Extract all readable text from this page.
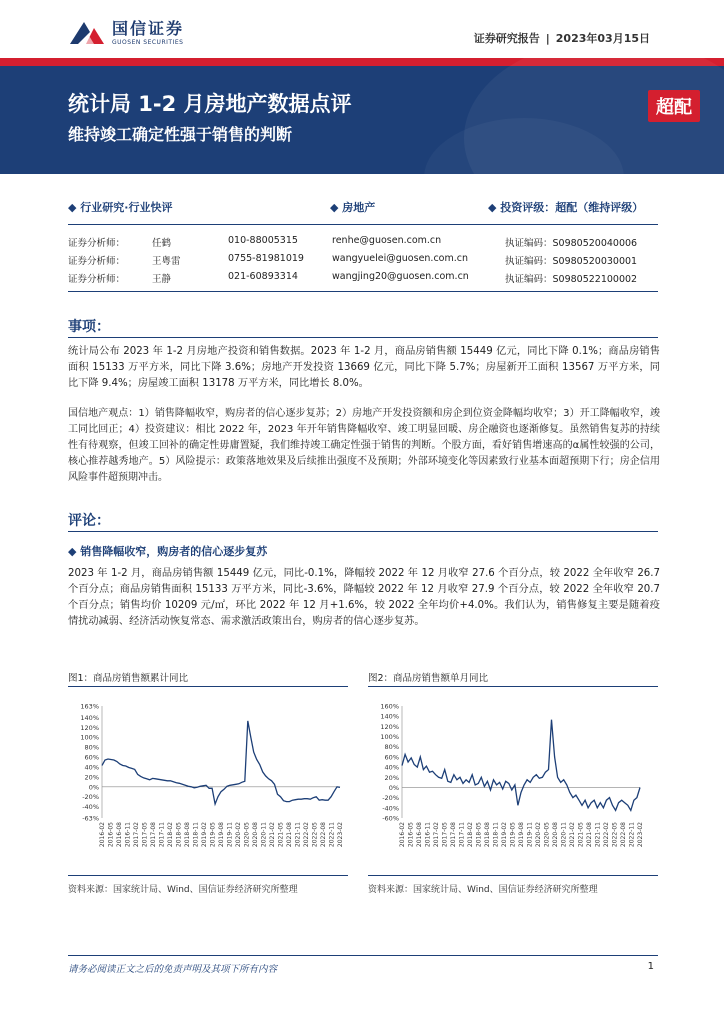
国信证券
GUOSEN SECURITIES	证券研究报告 | 2023年03月15日
统计局 1-2 月房地产数据点评
维持竣工确定性强于销售的判断
超配
◆ 行业研究·行业快评	◆ 房地产	◆ 投资评级：超配（维持评级）
证券分析师：	任鹤	010-88005315	renhe@guosen.com.cn	执证编码：S0980520040006
证券分析师：	王粤雷	0755-81981019	wangyuelei@guosen.com.cn	执证编码：S0980520030001
证券分析师：	王静	021-60893314	wangjing20@guosen.com.cn	执证编码：S0980522100002
事项：
统计局公布 2023 年 1-2 月房地产投资和销售数据。2023 年 1-2 月，商品房销售额 15449 亿元，同比下降 0.1%；商品房销售面积 15133 万平方米，同比下降 3.6%；房地产开发投资 13669 亿元，同比下降 5.7%；房屋新开工面积 13567 万平方米，同比下降 9.4%；房屋竣工面积 13178 万平方米，同比增长 8.0%。
国信地产观点：1）销售降幅收窄，购房者的信心逐步复苏；2）房地产开发投资额和房企到位资金降幅均收窄；3）开工降幅收窄，竣工同比回正；4）投资建议：相比 2022 年，2023 年开年销售降幅收窄、竣工明显回暖、房企融资也逐渐修复。虽然销售复苏的持续性有待观察，但竣工回补的确定性毋庸置疑，我们维持竣工确定性强于销售的判断。个股方面，看好销售增速高的α属性较强的公司，核心推荐越秀地产。5）风险提示：政策落地效果及后续推出强度不及预期；外部环境变化等因素致行业基本面超预期下行；房企信用风险事件超预期冲击。
评论：
◆ 销售降幅收窄，购房者的信心逐步复苏
2023 年 1-2 月，商品房销售额 15449 亿元，同比-0.1%，降幅较 2022 年 12 月收窄 27.6 个百分点，较 2022 全年收窄 26.7 个百分点；商品房销售面积 15133 万平方米，同比-3.6%，降幅较 2022 年 12 月收窄 27.9 个百分点，较 2022 全年收窄 20.7 个百分点；销售均价 10209 元/㎡，环比 2022 年 12 月+1.6%，较 2022 全年均价+4.0%。我们认为，销售修复主要是随着疫情扰动减弱、经济活动恢复常态、需求激活政策出台，购房者的信心逐步复苏。
图1：商品房销售额累计同比	图2：商品房销售额单月同比
163%
140%
120%
100%
80%
60%
40%
20%
0%
-20%
-40%
-63%
2016-02 2016-05 2016-08 2016-11 2017-02 2017-05 2017-08 2017-11 2018-02 2018-05 2018-08 2018-11 2019-02 2019-05 2019-08 2019-11 2020-02 2020-05 2020-08 2020-11 2021-02 2021-05 2021-08 2021-11 2022-02 2022-05 2022-08 2022-11 2023-02
160%
140%
120%
100%
80%
60%
40%
20%
0%
-20%
-40%
-60%
2016-02 2016-05 2016-08 2016-11 2017-02 2017-05 2017-08 2017-11 2018-02 2018-05 2018-08 2018-11 2019-02 2019-05 2019-08 2019-11 2020-02 2020-05 2020-08 2020-11 2021-02 2021-05 2021-08 2021-11 2022-02 2022-05 2022-08 2022-11 2023-02
资料来源：国家统计局、Wind、国信证券经济研究所整理	资料来源：国家统计局、Wind、国信证券经济研究所整理
请务必阅读正文之后的免责声明及其项下所有内容	1
